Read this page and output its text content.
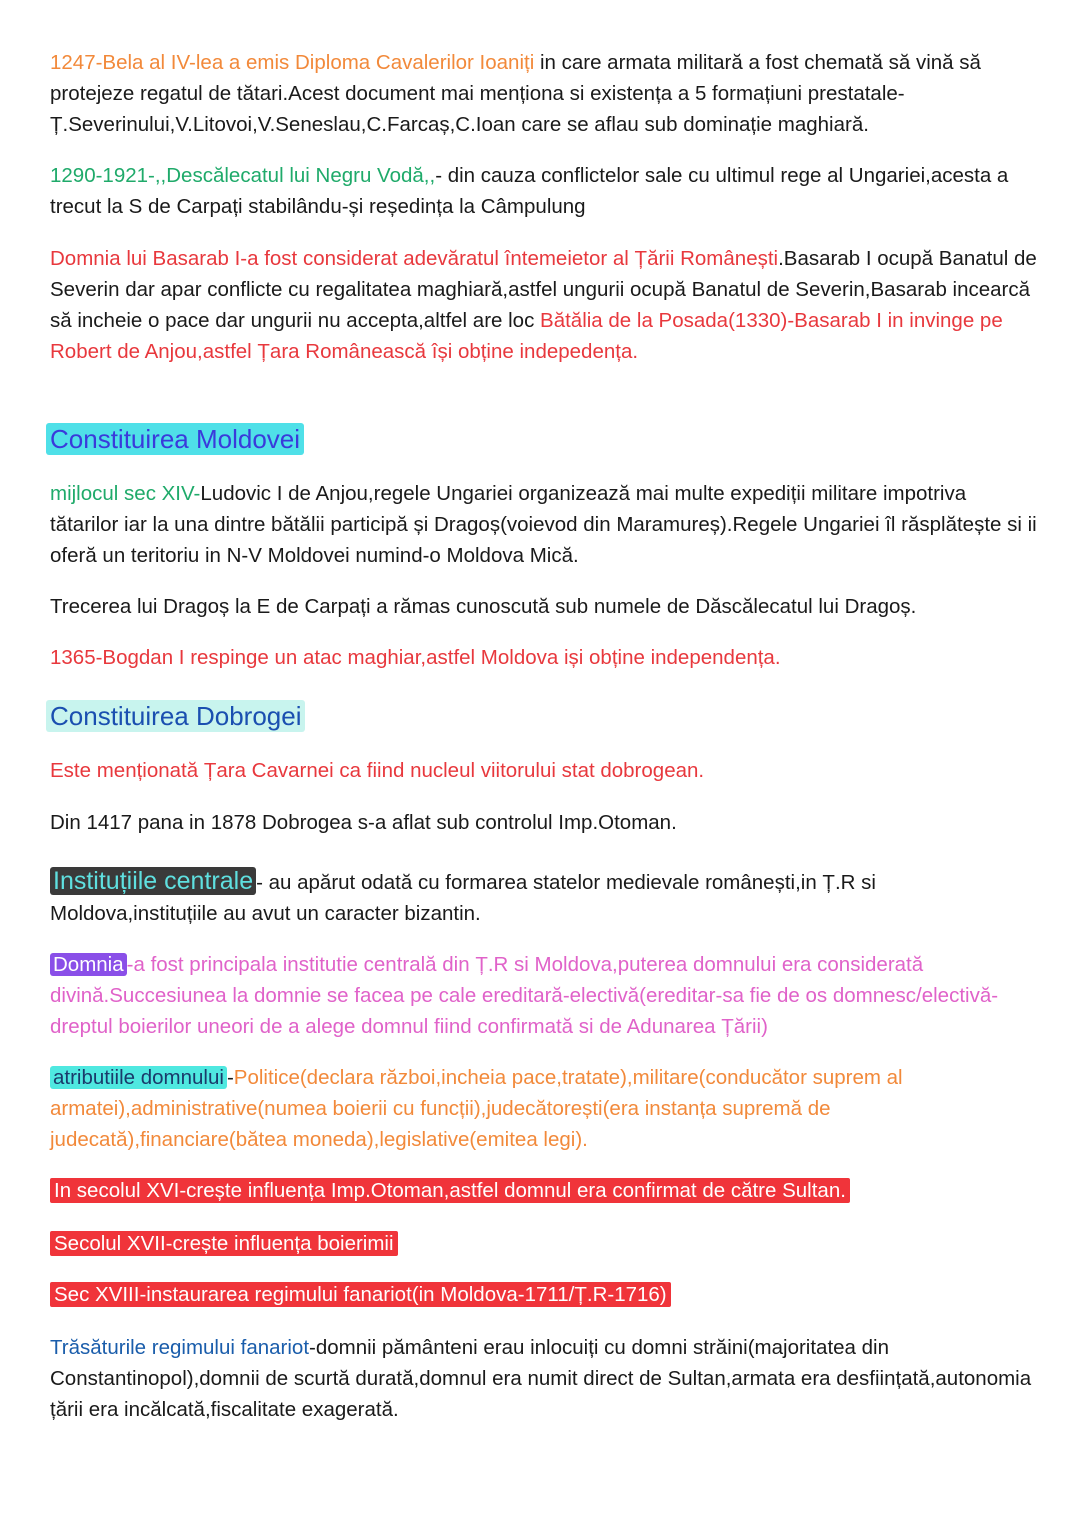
1247-Bela al IV-lea a emis Diploma Cavalerilor Ioaniți in care armata militară a fost chemată să vină să protejeze regatul de tătari.Acest document mai menționa si existența a 5 formațiuni prestatale-Ț.Severinului,V.Litovoi,V.Seneslau,C.Farcaș,C.Ioan care se aflau sub dominație maghiară.

1290-1921-,,Descălecatul lui Negru Vodă,,- din cauza conflictelor sale cu ultimul rege al Ungariei,acesta a trecut la S de Carpați stabilându-și reședința la Câmpulung

Domnia lui Basarab I-a fost considerat adevăratul întemeietor al Țării Românești.Basarab I ocupă Banatul de Severin dar apar conflicte cu regalitatea maghiară,astfel ungurii ocupă Banatul de Severin,Basarab incearcă să incheie o pace dar ungurii nu accepta,altfel are loc Bătălia de la Posada(1330)-Basarab I in invinge pe Robert de Anjou,astfel Țara Românească își obține indepedența.

Constituirea Moldovei

mijlocul sec XIV-Ludovic I de Anjou,regele Ungariei organizează mai multe expediții militare impotriva tătarilor iar la una dintre bătălii participă și Dragoș(voievod din Maramureș).Regele Ungariei îl răsplătește si ii oferă un teritoriu in N-V Moldovei numind-o Moldova Mică.

Trecerea lui Dragoș la E de Carpați a rămas cunoscută sub numele de Dăscălecatul lui Dragoș.

1365-Bogdan I respinge un atac maghiar,astfel Moldova iși obține independența.

Constituirea Dobrogei

Este menționată Țara Cavarnei ca fiind nucleul viitorului stat dobrogean.

Din 1417 pana in 1878 Dobrogea s-a aflat sub controlul Imp.Otoman.

Instituțiile centrale - au apărut odată cu formarea statelor medievale românești,in Ț.R si Moldova,instituțiile au avut un caracter bizantin.

Domnia -a fost principala institutie centrală din Ț.R si Moldova,puterea domnului era considerată divină.Succesiunea la domnie se facea pe cale ereditară-electivă(ereditar-sa fie de os domnesc/electivă-dreptul boierilor uneori de a alege domnul fiind confirmată si de Adunarea Țării)

atributiile domnului -Politice(declara război,incheia pace,tratate),militare(conducător suprem al armatei),administrative(numea boierii cu funcții),judecătorești(era instanța supremă de judecată),financiare(bătea moneda),legislative(emitea legi).

In secolul XVI-crește influența Imp.Otoman,astfel domnul era confirmat de către Sultan.

Secolul XVII-crește influența boierimii

Sec XVIII-instaurarea regimului fanariot(in Moldova-1711/Ț.R-1716)

Trăsăturile regimului fanariot-domnii pământeni erau inlocuiți cu domni străini(majoritatea din Constantinopol),domnii de scurtă durată,domnul era numit direct de Sultan,armata era desființată,autonomia țării era incălcată,fiscalitate exagerată.
